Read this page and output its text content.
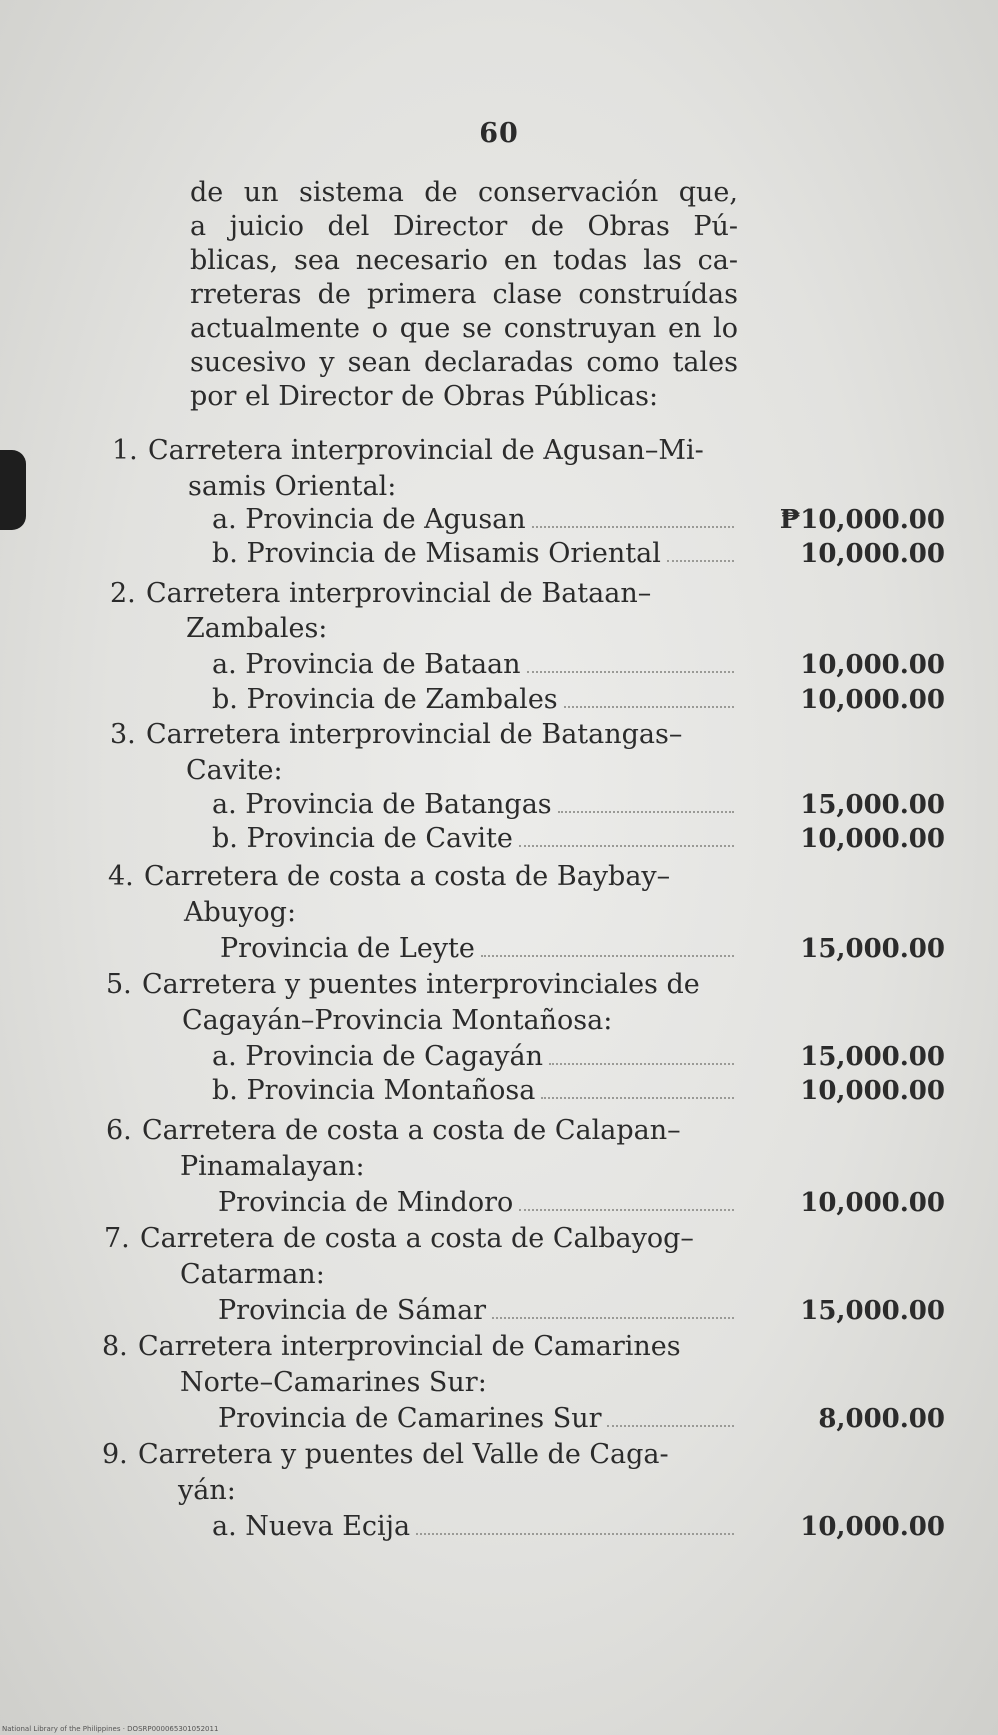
60
de un sistema de conservación que,
a juicio del Director de Obras Pú-
blicas, sea necesario en todas las ca-
rreteras de primera clase construídas
actualmente o que se construyan en lo
sucesivo y sean declaradas como tales
por el Director de Obras Públicas:
1. Carretera interprovincial de Agusan–Mi-
samis Oriental:
a. Provincia de Agusan	₱10,000.00
b. Provincia de Misamis Oriental	10,000.00
2. Carretera interprovincial de Bataan–
Zambales:
a. Provincia de Bataan	10,000.00
b. Provincia de Zambales	10,000.00
3. Carretera interprovincial de Batangas–
Cavite:
a. Provincia de Batangas	15,000.00
b. Provincia de Cavite	10,000.00
4. Carretera de costa a costa de Baybay–
Abuyog:
Provincia de Leyte	15,000.00
5. Carretera y puentes interprovinciales de
Cagayán–Provincia Montañosa:
a. Provincia de Cagayán	15,000.00
b. Provincia Montañosa	10,000.00
6. Carretera de costa a costa de Calapan–
Pinamalayan:
Provincia de Mindoro	10,000.00
7. Carretera de costa a costa de Calbayog–
Catarman:
Provincia de Sámar	15,000.00
8. Carretera interprovincial de Camarines
Norte–Camarines Sur:
Provincia de Camarines Sur	8,000.00
9. Carretera y puentes del Valle de Caga-
yán:
a. Nueva Ecija	10,000.00
National Library of the Philippines · DOSRP000065301052011
